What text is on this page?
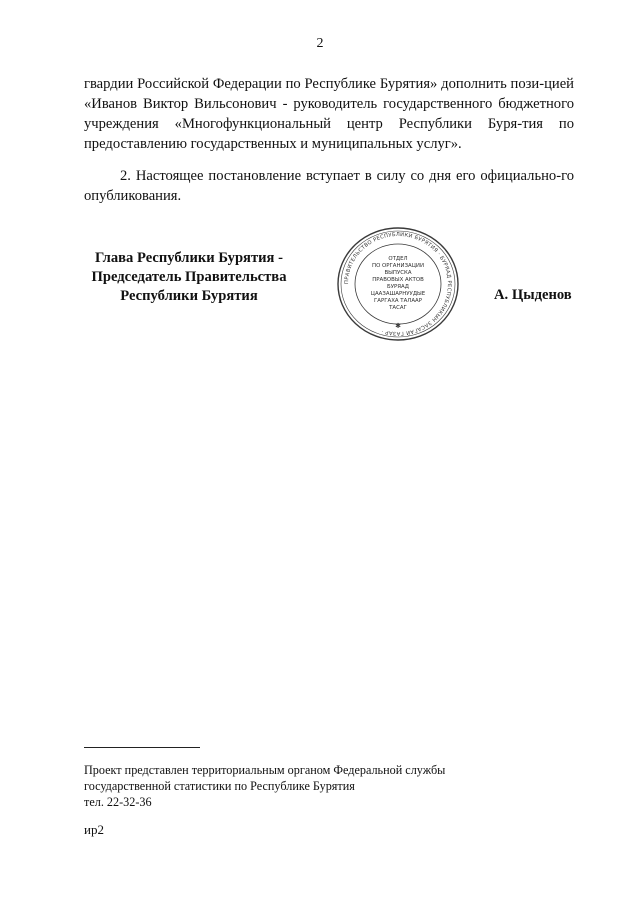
2

гвардии Российской Федерации по Республике Бурятия» дополнить пози-цией «Иванов Виктор Вильсонович - руководитель государственного бюджетного учреждения «Многофункциональный центр Республики Буря-тия по предоставлению государственных и муниципальных услуг».

2. Настоящее постановление вступает в силу со дня его официально-го опубликования.

Глава Республики Бурятия -
Председатель Правительства
Республики Бурятия
ПРАВИТЕЛЬСТВО РЕСПУБЛИКИ БУРЯТИЯ · БУРЯАД РЕСПУБЛИКЫН ЗАСАГАЙ ГАЗАР ·
ОТДЕЛ
ПО ОРГАНИЗАЦИИ
ВЫПУСКА
ПРАВОВЫХ АКТОВ
БУРЯАД
ЦААЗАШАРНУУДЫЕ
ГАРГАХА ТАЛААР
ТАСАГ
✱
А. Цыденов
Проект представлен территориальным органом Федеральной службы
государственной статистики по Республике Бурятия
тел. 22-32-36
ир2
